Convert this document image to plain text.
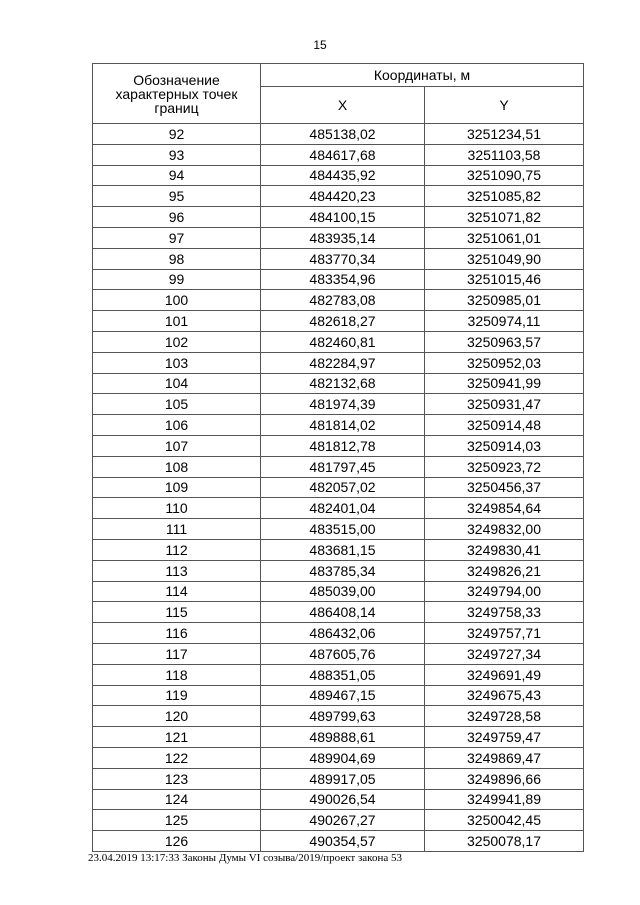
15
Обозначение характерных точек границ	Координаты, м	
	X	Y
92	485138,02	3251234,51
93	484617,68	3251103,58
94	484435,92	3251090,75
95	484420,23	3251085,82
96	484100,15	3251071,82
97	483935,14	3251061,01
98	483770,34	3251049,90
99	483354,96	3251015,46
100	482783,08	3250985,01
101	482618,27	3250974,11
102	482460,81	3250963,57
103	482284,97	3250952,03
104	482132,68	3250941,99
105	481974,39	3250931,47
106	481814,02	3250914,48
107	481812,78	3250914,03
108	481797,45	3250923,72
109	482057,02	3250456,37
110	482401,04	3249854,64
111	483515,00	3249832,00
112	483681,15	3249830,41
113	483785,34	3249826,21
114	485039,00	3249794,00
115	486408,14	3249758,33
116	486432,06	3249757,71
117	487605,76	3249727,34
118	488351,05	3249691,49
119	489467,15	3249675,43
120	489799,63	3249728,58
121	489888,61	3249759,47
122	489904,69	3249869,47
123	489917,05	3249896,66
124	490026,54	3249941,89
125	490267,27	3250042,45
126	490354,57	3250078,17
23.04.2019 13:17:33 Законы Думы VI созыва/2019/проект закона 53
